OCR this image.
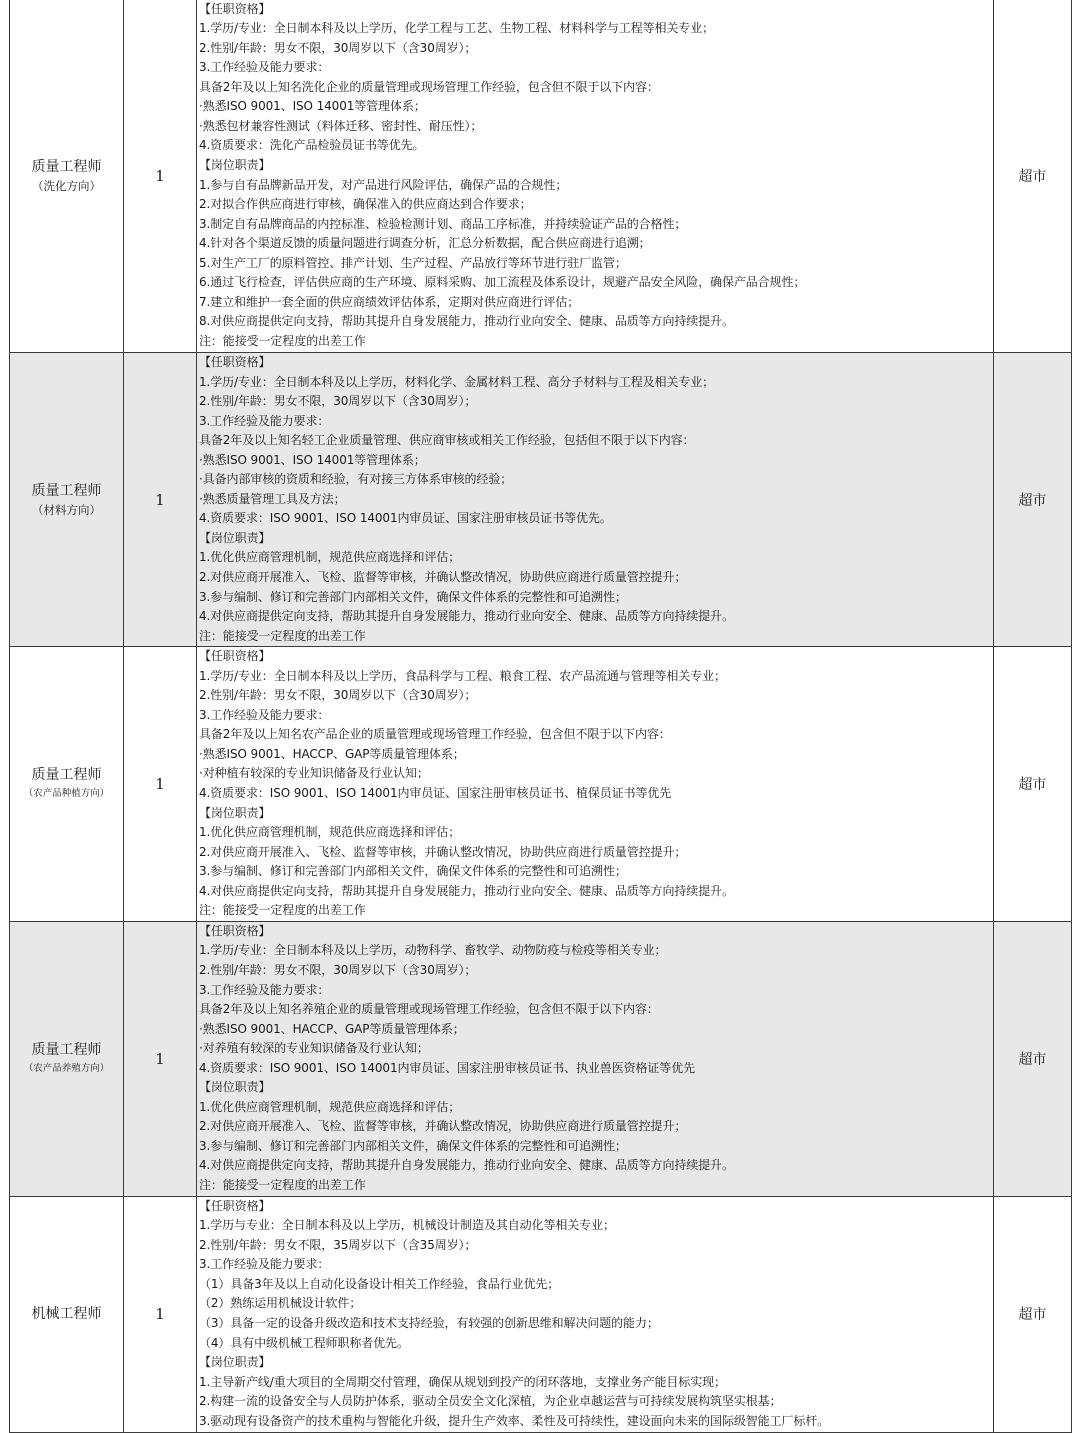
质量工程师
（洗化方向）
	1	
【任职资格】
1.学历/专业：全日制本科及以上学历，化学工程与工艺、生物工程、材料科学与工程等相关专业；
2.性别/年龄：男女不限，30周岁以下（含30周岁）；
3.工作经验及能力要求：
具备2年及以上知名洗化企业的质量管理或现场管理工作经验，包含但不限于以下内容：
·熟悉ISO 9001、ISO 14001等管理体系；
·熟悉包材兼容性测试（料体迁移、密封性、耐压性）；
4.资质要求：洗化产品检验员证书等优先。
【岗位职责】
1.参与自有品牌新品开发，对产品进行风险评估，确保产品的合规性；
2.对拟合作供应商进行审核，确保准入的供应商达到合作要求；
3.制定自有品牌商品的内控标准、检验检测计划、商品工序标准，并持续验证产品的合格性；
4.针对各个渠道反馈的质量问题进行调查分析，汇总分析数据，配合供应商进行追溯；
5.对生产工厂的原料管控、排产计划、生产过程、产品放行等环节进行驻厂监管；
6.通过飞行检查，评估供应商的生产环境、原料采购、加工流程及体系设计，规避产品安全风险，确保产品合规性；
7.建立和维护一套全面的供应商绩效评估体系，定期对供应商进行评估；
8.对供应商提供定向支持，帮助其提升自身发展能力，推动行业向安全、健康、品质等方向持续提升。
注：能接受一定程度的出差工作
	超市

质量工程师
（材料方向）
	1	
【任职资格】
1.学历/专业：全日制本科及以上学历，材料化学、金属材料工程、高分子材料与工程及相关专业；
2.性别/年龄：男女不限，30周岁以下（含30周岁）；
3.工作经验及能力要求：
具备2年及以上知名轻工企业质量管理、供应商审核或相关工作经验，包括但不限于以下内容：
·熟悉ISO 9001、ISO 14001等管理体系；
·具备内部审核的资质和经验，有对接三方体系审核的经验；
·熟悉质量管理工具及方法；
4.资质要求：ISO 9001、ISO 14001内审员证、国家注册审核员证书等优先。
【岗位职责】
1.优化供应商管理机制，规范供应商选择和评估；
2.对供应商开展准入、飞检、监督等审核，并确认整改情况，协助供应商进行质量管控提升；
3.参与编制、修订和完善部门内部相关文件，确保文件体系的完整性和可追溯性；
4.对供应商提供定向支持，帮助其提升自身发展能力，推动行业向安全、健康、品质等方向持续提升。
注：能接受一定程度的出差工作
	超市

质量工程师
（农产品种植方向）
	1	
【任职资格】
1.学历/专业：全日制本科及以上学历，食品科学与工程、粮食工程、农产品流通与管理等相关专业；
2.性别/年龄：男女不限，30周岁以下（含30周岁）；
3.工作经验及能力要求：
具备2年及以上知名农产品企业的质量管理或现场管理工作经验，包含但不限于以下内容：
·熟悉ISO 9001、HACCP、GAP等质量管理体系；
·对种植有较深的专业知识储备及行业认知；
4.资质要求：ISO 9001、ISO 14001内审员证、国家注册审核员证书、植保员证书等优先
【岗位职责】
1.优化供应商管理机制，规范供应商选择和评估；
2.对供应商开展准入、飞检、监督等审核，并确认整改情况，协助供应商进行质量管控提升；
3.参与编制、修订和完善部门内部相关文件，确保文件体系的完整性和可追溯性；
4.对供应商提供定向支持，帮助其提升自身发展能力，推动行业向安全、健康、品质等方向持续提升。
注：能接受一定程度的出差工作
	超市

质量工程师
（农产品养殖方向）
	1	
【任职资格】
1.学历/专业：全日制本科及以上学历，动物科学、畜牧学、动物防疫与检疫等相关专业；
2.性别/年龄：男女不限，30周岁以下（含30周岁）；
3.工作经验及能力要求：
具备2年及以上知名养殖企业的质量管理或现场管理工作经验，包含但不限于以下内容：
·熟悉ISO 9001、HACCP、GAP等质量管理体系；
·对养殖有较深的专业知识储备及行业认知；
4.资质要求：ISO 9001、ISO 14001内审员证、国家注册审核员证书、执业兽医资格证等优先
【岗位职责】
1.优化供应商管理机制，规范供应商选择和评估；
2.对供应商开展准入、飞检、监督等审核，并确认整改情况，协助供应商进行质量管控提升；
3.参与编制、修订和完善部门内部相关文件，确保文件体系的完整性和可追溯性；
4.对供应商提供定向支持，帮助其提升自身发展能力，推动行业向安全、健康、品质等方向持续提升。
注：能接受一定程度的出差工作
	超市

机械工程师	1	
【任职资格】
1.学历与专业：全日制本科及以上学历，机械设计制造及其自动化等相关专业；
2.性别/年龄：男女不限，35周岁以下（含35周岁）；
3.工作经验及能力要求：
（1）具备3年及以上自动化设备设计相关工作经验，食品行业优先；
（2）熟练运用机械设计软件；
（3）具备一定的设备升级改造和技术支持经验，有较强的创新思维和解决问题的能力；
（4）具有中级机械工程师职称者优先。
【岗位职责】
1.主导新产线/重大项目的全周期交付管理，确保从规划到投产的闭环落地，支撑业务产能目标实现；
2.构建一流的设备安全与人员防护体系，驱动全员安全文化深植，为企业卓越运营与可持续发展构筑坚实根基；
3.驱动现有设备资产的技术重构与智能化升级，提升生产效率、柔性及可持续性，建设面向未来的国际级智能工厂标杆。
	超市
